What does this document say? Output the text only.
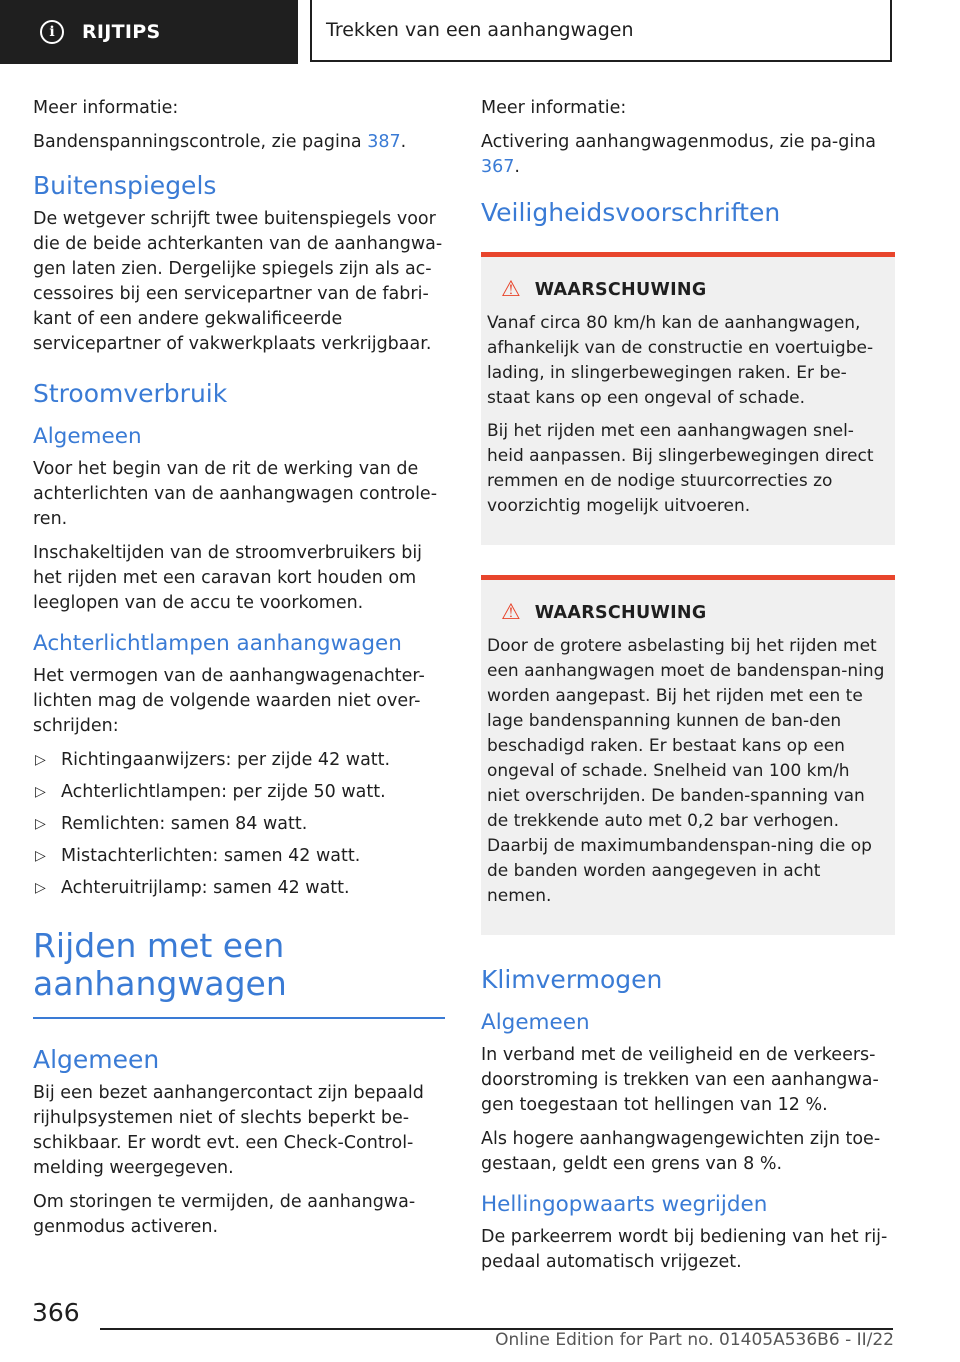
i	RIJTIPS	Trekken van een aanhangwagen

Meer informatie:

Bandenspanningscontrole, zie pagina 387.

Buitenspiegels

De wetgever schrijft twee buitenspiegels voor die de beide achterkanten van de aanhangwa-gen laten zien. Dergelijke spiegels zijn als ac-cessoires bij een servicepartner van de fabri-kant of een andere gekwalificeerde servicepartner of vakwerkplaats verkrijgbaar.

Stroomverbruik
Algemeen

Voor het begin van de rit de werking van de achterlichten van de aanhangwagen controle-ren.

Inschakeltijden van de stroomverbruikers bij het rijden met een caravan kort houden om leeglopen van de accu te voorkomen.

Achterlichtlampen aanhangwagen

Het vermogen van de aanhangwagenachter-lichten mag de volgende waarden niet over-schrijden:

▷ Richtingaanwijzers: per zijde 42 watt.
▷ Achterlichtlampen: per zijde 50 watt.
▷ Remlichten: samen 84 watt.
▷ Mistachterlichten: samen 42 watt.
▷ Achteruitrijlamp: samen 42 watt.
Rijden met een
aanhangwagen
Algemeen

Bij een bezet aanhangercontact zijn bepaald rijhulpsystemen niet of slechts beperkt be-schikbaar. Er wordt evt. een Check-Control-melding weergegeven.

Om storingen te vermijden, de aanhangwa-genmodus activeren.

Meer informatie:

Activering aanhangwagenmodus, zie pa-gina 367.

Veiligheidsvoorschriften
⚠ WAARSCHUWING

Vanaf circa 80 km/h kan de aanhangwagen, afhankelijk van de constructie en voertuigbe-lading, in slingerbewegingen raken. Er be-staat kans op een ongeval of schade.

Bij het rijden met een aanhangwagen snel-heid aanpassen. Bij slingerbewegingen direct remmen en de nodige stuurcorrecties zo voorzichtig mogelijk uitvoeren.

⚠ WAARSCHUWING

Door de grotere asbelasting bij het rijden met een aanhangwagen moet de bandenspan-ning worden aangepast. Bij het rijden met een te lage bandenspanning kunnen de ban-den beschadigd raken. Er bestaat kans op een ongeval of schade. Snelheid van 100 km/h niet overschrijden. De banden-spanning van de trekkende auto met 0,2 bar verhogen. Daarbij de maximumbandenspan-ning die op de banden worden aangegeven in acht nemen.

Klimvermogen
Algemeen

In verband met de veiligheid en de verkeers-doorstroming is trekken van een aanhangwa-gen toegestaan tot hellingen van 12 %.

Als hogere aanhangwagengewichten zijn toe-gestaan, geldt een grens van 8 %.

Hellingopwaarts wegrijden

De parkeerrem wordt bij bediening van het rij-pedaal automatisch vrijgezet.

366
Online Edition for Part no. 01405A536B6 - II/22
